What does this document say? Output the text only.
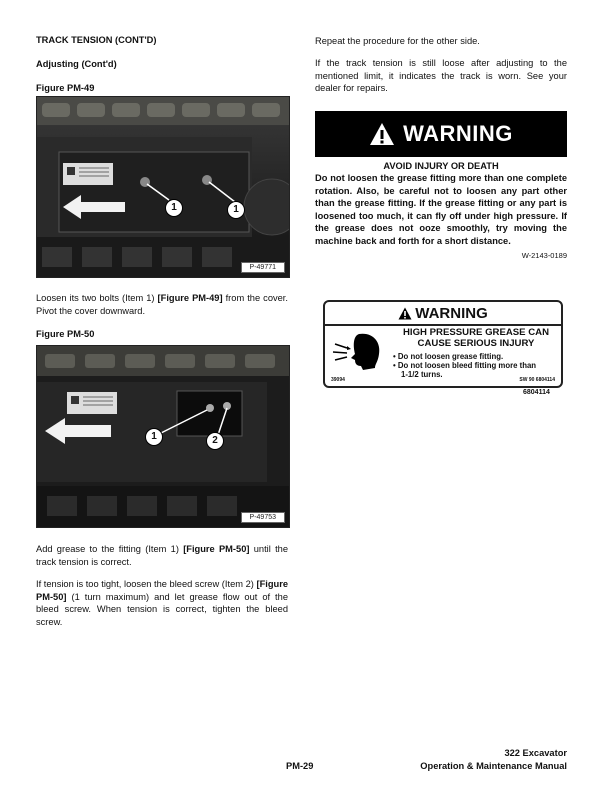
TRACK TENSION (CONT'D)
Adjusting (Cont'd)
Figure PM-49
1	1
P-49771
Loosen its two bolts (Item 1) [Figure PM-49] from the cover. Pivot the cover downward.
Figure PM-50
1	2
P-49753
Add grease to the fitting (Item 1) [Figure PM-50] until the track tension is correct.
If tension is too tight, loosen the bleed screw (Item 2) [Figure PM-50] (1 turn maximum) and let grease flow out of the bleed screw. When tension is correct, tighten the bleed screw.
Repeat the procedure for the other side.
If the track tension is still loose after adjusting to the mentioned limit, it indicates the track is worn. See your dealer for repairs.
WARNING
AVOID INJURY OR DEATH
Do not loosen the grease fitting more than one complete rotation. Also, be careful not to loosen any part other than the grease fitting. If the grease fitting or any part is loosened too much, it can fly off under high pressure. If the grease does not ooze smoothly, try moving the machine back and forth for a short distance.
W-2143-0189
WARNING
HIGH PRESSURE GREASE CAN
CAUSE SERIOUS INJURY
• Do not loosen grease fitting.
• Do not loosen bleed fitting more than
1-1/2 turns.
39094	SW 90 6804114
6804114
PM-29
322 Excavator
Operation & Maintenance Manual
